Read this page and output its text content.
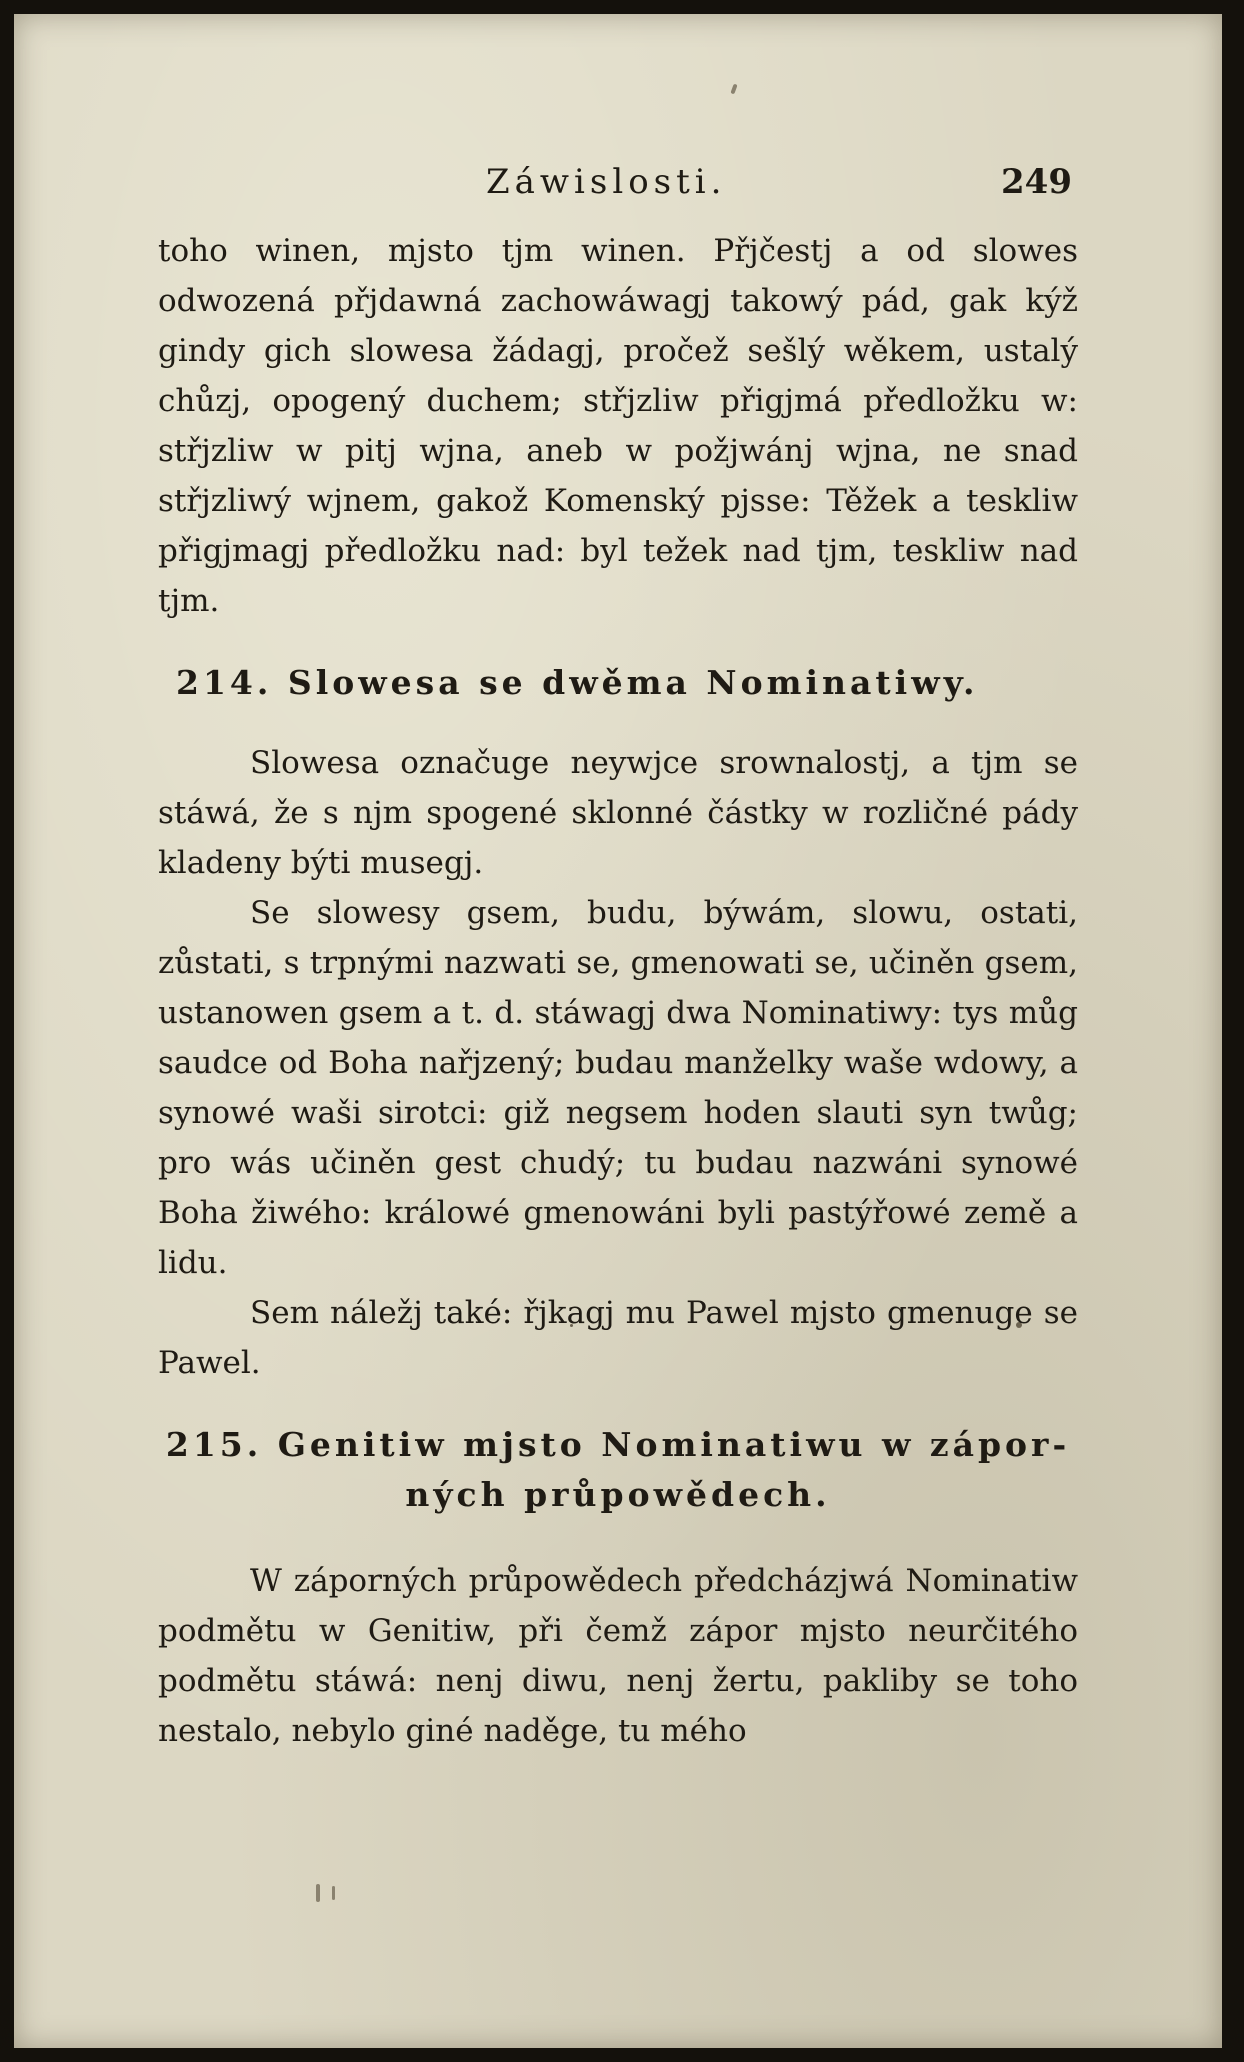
Záwislosti.	249

toho winen, mjsto tjm winen. Přjčestj a od slowes odwozená přjdawná zachowáwagj takowý pád, gak kýž gindy gich slowesa žádagj, pročež sešlý wěkem, ustalý chůzj, opogený duchem; střjzliw přigjmá předložku w: střjzliw w pitj wjna, aneb w požjwánj wjna, ne snad střjzliwý wjnem, gakož Komenský pjsse: Těžek a teskliw přigjmagj předložku nad: byl težek nad tjm, teskliw nad tjm.

214. Slowesa se dwěma Nominatiwy.

Slowesa označuge neywjce srownalostj, a tjm se stáwá, že s njm spogené sklonné částky w rozličné pády kladeny býti musegj.

Se slowesy gsem, budu, býwám, slowu, ostati, zůstati, s trpnými nazwati se, gmenowati se, učiněn gsem, ustanowen gsem a t. d. stáwagj dwa Nominatiwy: tys můg saudce od Boha nařjzený; budau manželky waše wdowy, a synowé waši sirotci: giž negsem hoden slauti syn twůg; pro wás učiněn gest chudý; tu budau nazwáni synowé Boha žiwého: králowé gmenowáni byli pastýřowé země a lidu.

Sem náležj také: řjkagj mu Pawel mjsto gmenuge se Pawel.

215. Genitiw mjsto Nominatiwu w zápor-
ných průpowědech.

W záporných průpowědech předcházjwá Nominatiw podmětu w Genitiw, při čemž zápor mjsto neurčitého podmětu stáwá: nenj diwu, nenj žertu, pakliby se toho nestalo, nebylo giné naděge, tu mého
